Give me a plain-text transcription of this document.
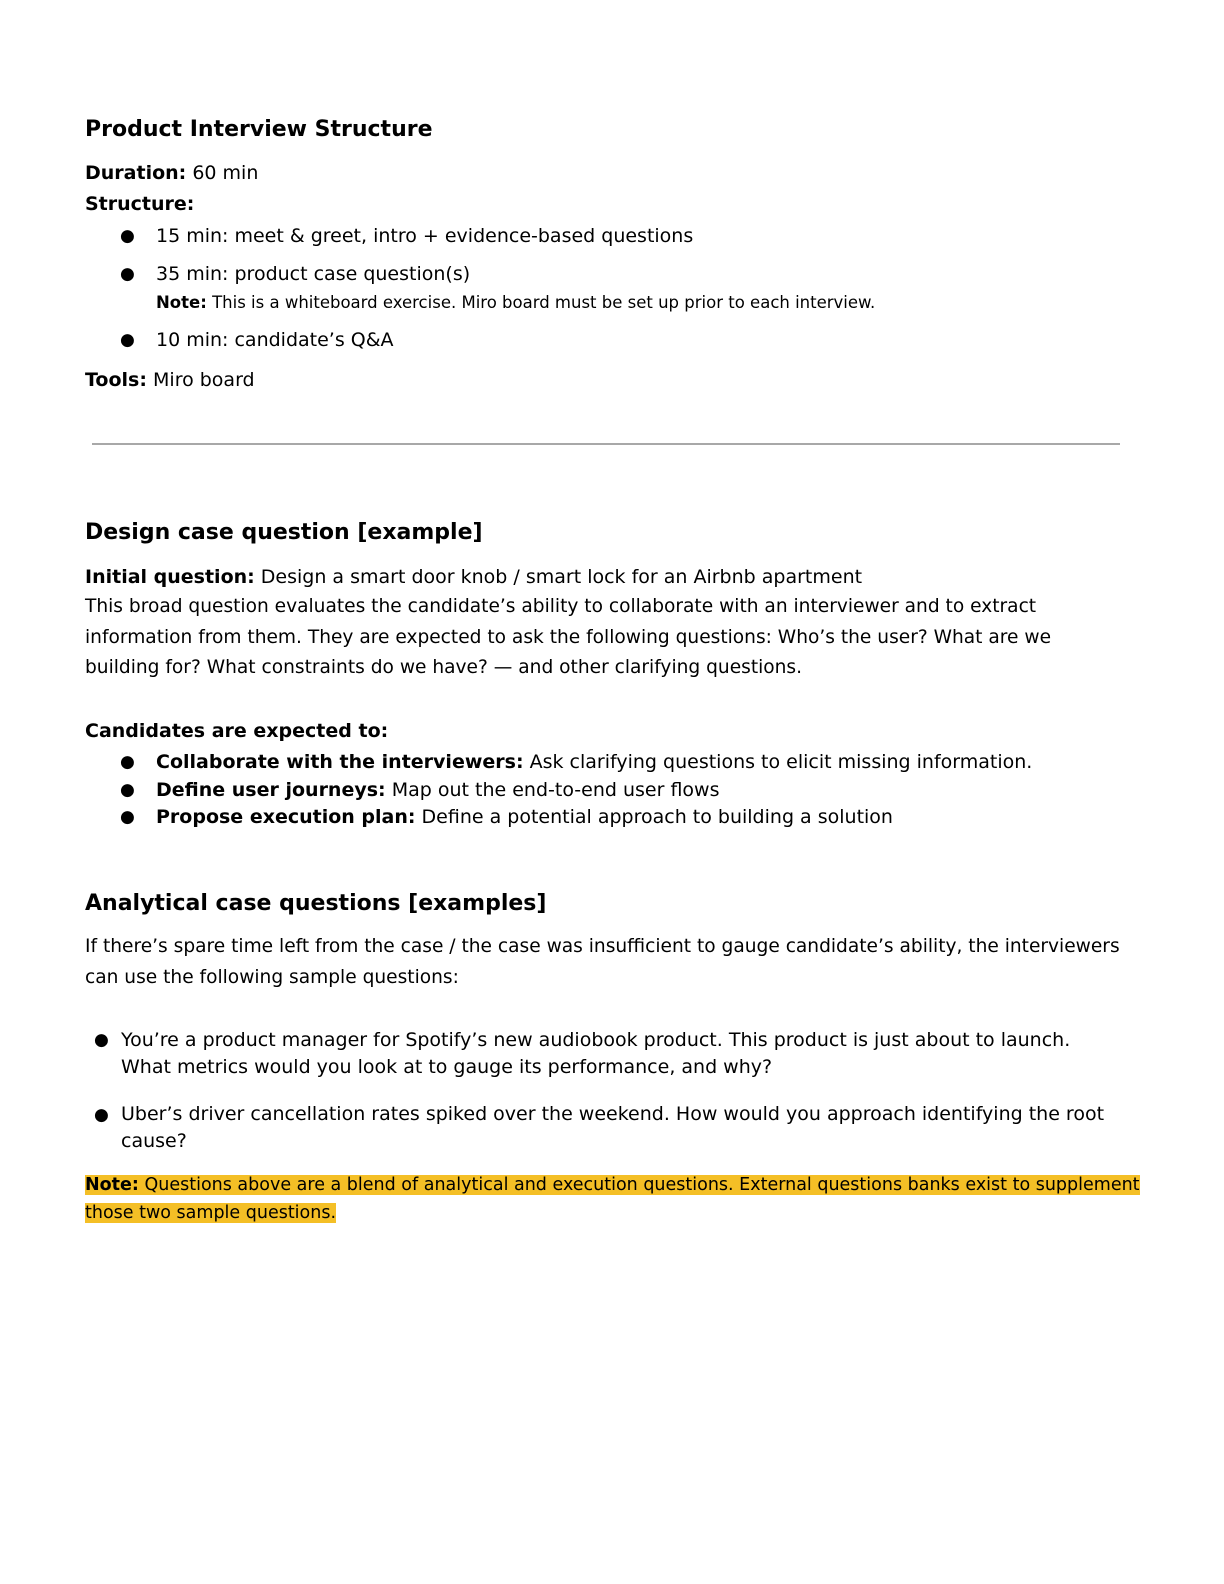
Product Interview Structure
Duration: 60 min
Structure:
● 15 min: meet & greet, intro + evidence-based questions
● 35 min: product case question(s)
Note: This is a whiteboard exercise. Miro board must be set up prior to each interview.
● 10 min: candidate’s Q&A
Tools: Miro board
Design case question [example]
Initial question: Design a smart door knob / smart lock for an Airbnb apartment
This broad question evaluates the candidate’s ability to collaborate with an interviewer and to extract information from them. They are expected to ask the following questions: Who’s the user? What are we building for? What constraints do we have? — and other clarifying questions.
Candidates are expected to:
● Collaborate with the interviewers: Ask clarifying questions to elicit missing information.
● Define user journeys: Map out the end-to-end user flows
● Propose execution plan: Define a potential approach to building a solution
Analytical case questions [examples]
If there’s spare time left from the case / the case was insufficient to gauge candidate’s ability, the interviewers can use the following sample questions:
● You’re a product manager for Spotify’s new audiobook product. This product is just about to launch. What metrics would you look at to gauge its performance, and why?
● Uber’s driver cancellation rates spiked over the weekend. How would you approach identifying the root cause?
Note: Questions above are a blend of analytical and execution questions. External questions banks exist to supplement
those two sample questions.
